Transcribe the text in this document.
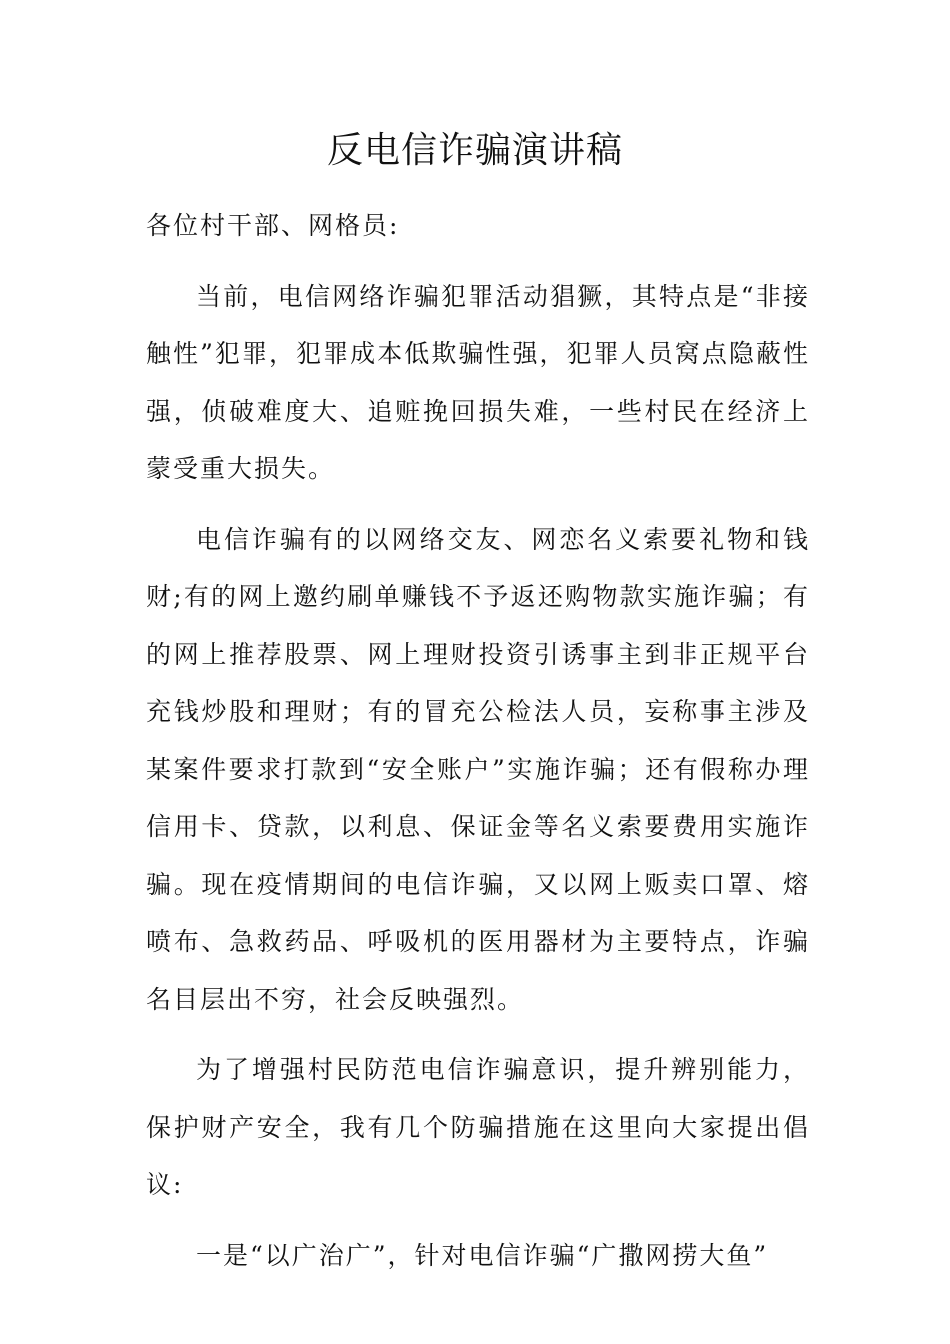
反电信诈骗演讲稿

各位村干部、网格员:

当前，电信网络诈骗犯罪活动猖獗，其特点是“非接触性”犯罪，犯罪成本低欺骗性强，犯罪人员窝点隐蔽性强，侦破难度大、追赃挽回损失难，一些村民在经济上蒙受重大损失。

电信诈骗有的以网络交友、网恋名义索要礼物和钱财;有的网上邀约刷单赚钱不予返还购物款实施诈骗；有的网上推荐股票、网上理财投资引诱事主到非正规平台充钱炒股和理财；有的冒充公检法人员，妄称事主涉及某案件要求打款到“安全账户”实施诈骗；还有假称办理信用卡、贷款，以利息、保证金等名义索要费用实施诈骗。现在疫情期间的电信诈骗，又以网上贩卖口罩、熔喷布、急救药品、呼吸机的医用器材为主要特点，诈骗名目层出不穷，社会反映强烈。

为了增强村民防范电信诈骗意识，提升辨别能力，保护财产安全，我有几个防骗措施在这里向大家提出倡议:

一是“以广治广”，针对电信诈骗“广撒网捞大鱼”
